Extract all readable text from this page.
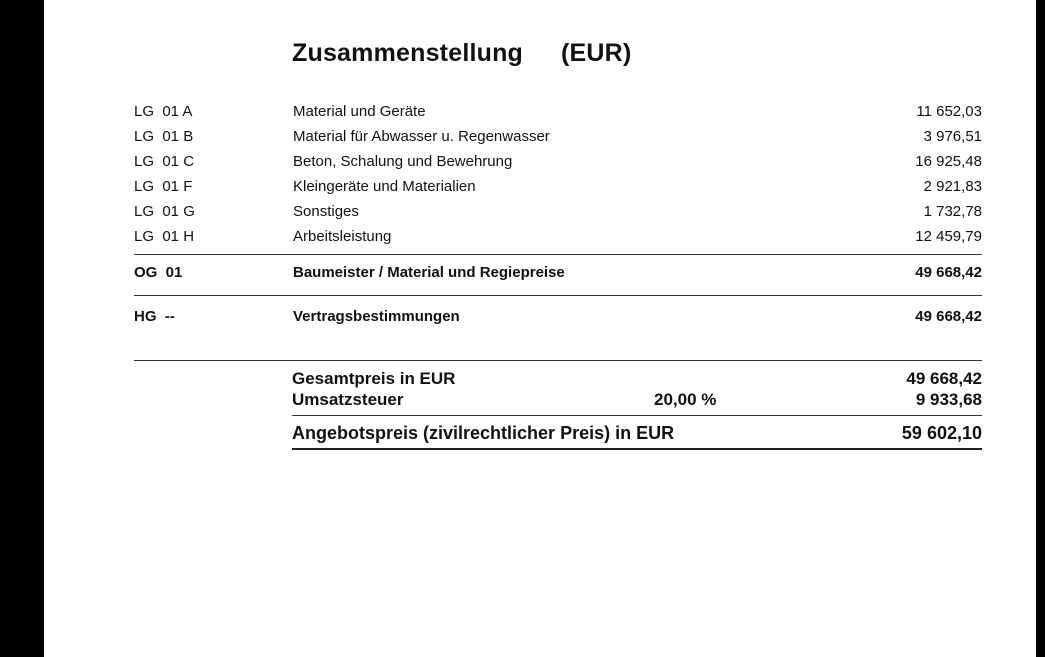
Zusammenstellung (EUR)
LG  01 A	Material und Geräte	11 652,03
LG  01 B	Material für Abwasser u. Regenwasser	3 976,51
LG  01 C	Beton, Schalung und Bewehrung	16 925,48
LG  01 F	Kleingeräte und Materialien	2 921,83
LG  01 G	Sonstiges	1 732,78
LG  01 H	Arbeitsleistung	12 459,79
OG  01	Baumeister / Material und Regiepreise	49 668,42
HG  --	Vertragsbestimmungen	49 668,42
Gesamtpreis in EUR	49 668,42
Umsatzsteuer	20,00 %	9 933,68
Angebotspreis (zivilrechtlicher Preis) in EUR	59 602,10
